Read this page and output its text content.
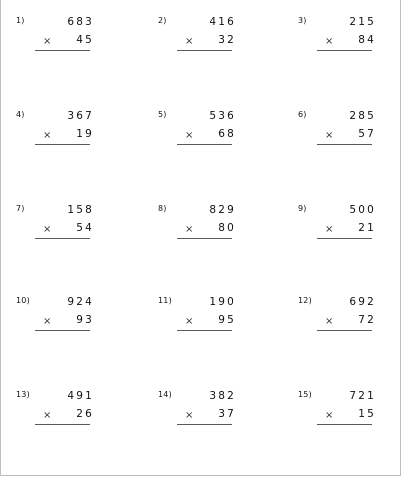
1)	683
× 45
2)	416
× 32
3)	215
× 84
4)	367
× 19
5)	536
× 68
6)	285
× 57
7)	158
× 54
8)	829
× 80
9)	500
× 21
10)	924
× 93
11)	190
× 95
12)	692
× 72
13)	491
× 26
14)	382
× 37
15)	721
× 15
